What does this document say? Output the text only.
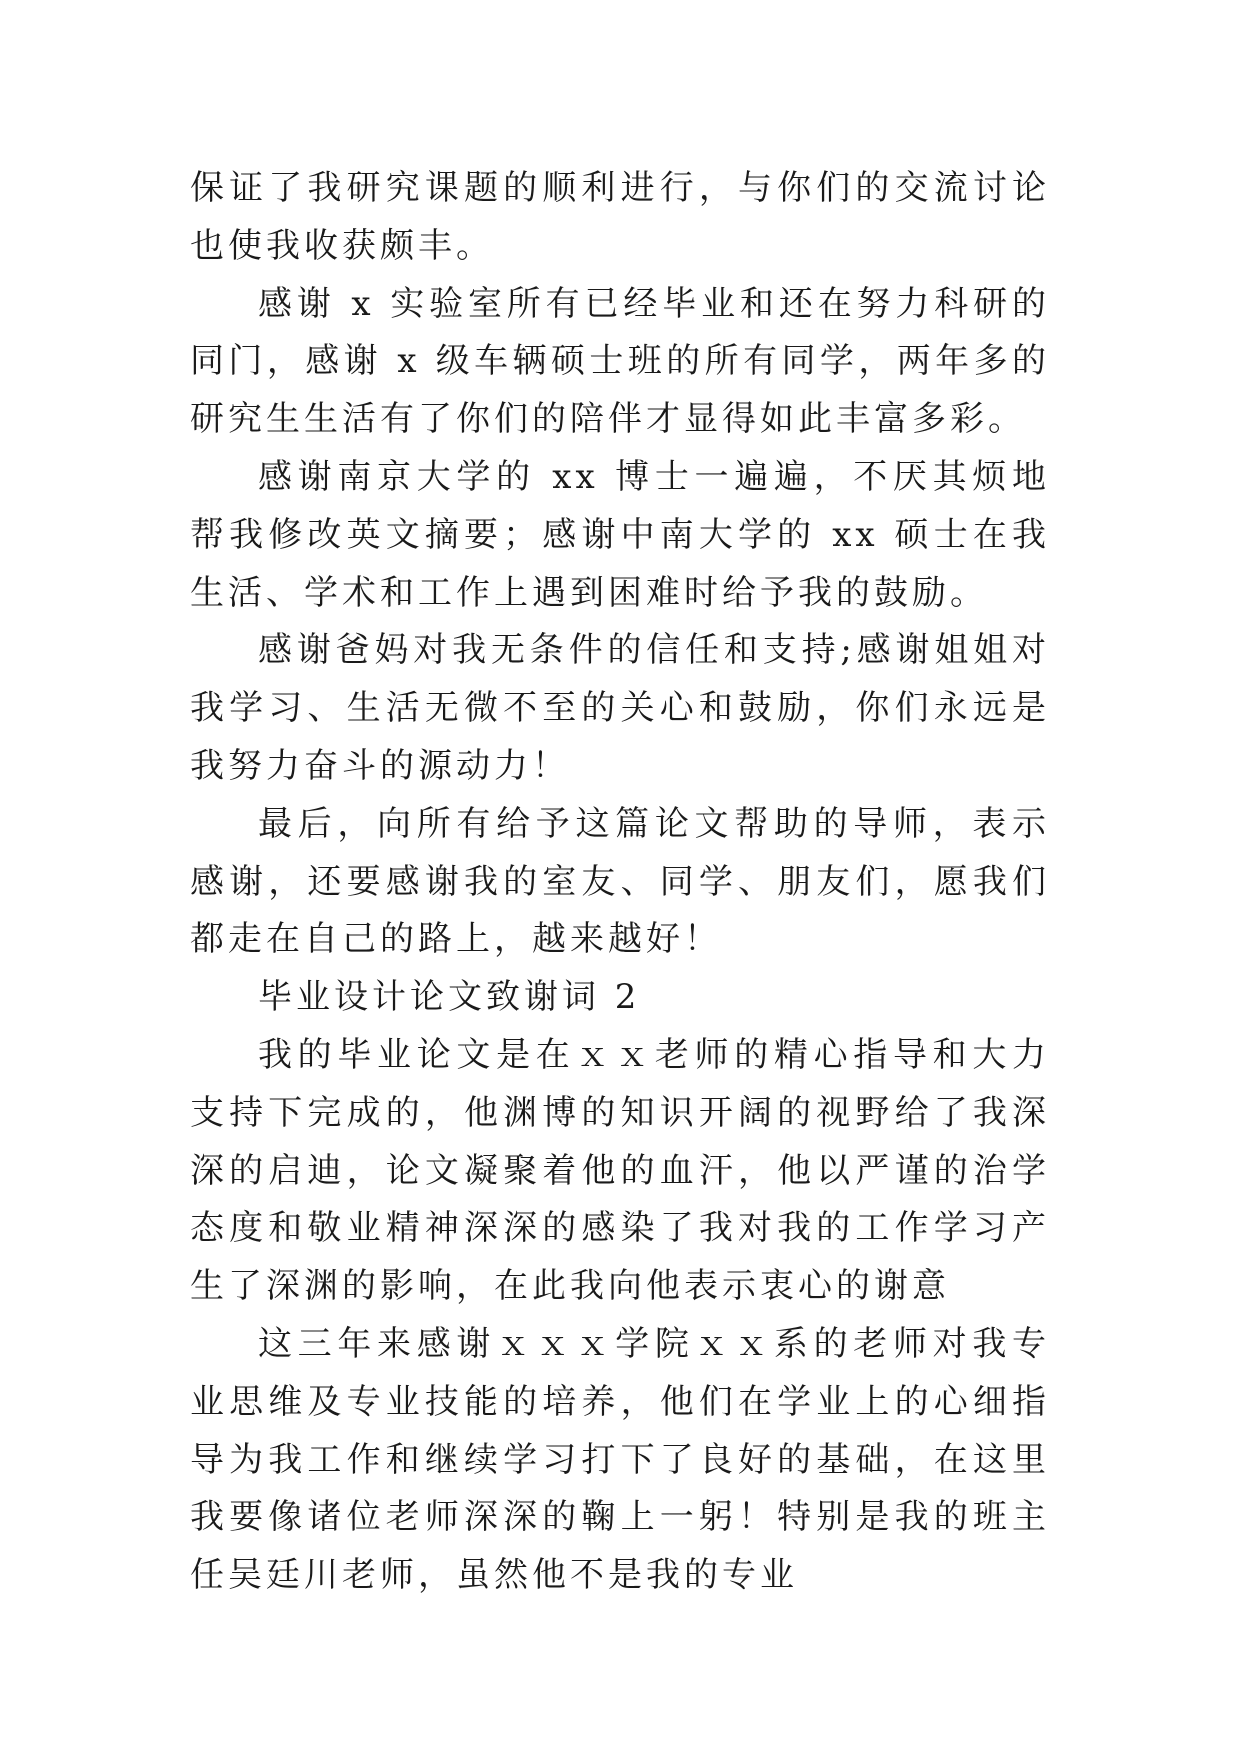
保证了我研究课题的顺利进行，与你们的交流讨论也使我收获颇丰。

感谢 x 实验室所有已经毕业和还在努力科研的同门，感谢 x 级车辆硕士班的所有同学，两年多的研究生生活有了你们的陪伴才显得如此丰富多彩。

感谢南京大学的 xx 博士一遍遍，不厌其烦地帮我修改英文摘要；感谢中南大学的 xx 硕士在我生活、学术和工作上遇到困难时给予我的鼓励。

感谢爸妈对我无条件的信任和支持;感谢姐姐对我学习、生活无微不至的关心和鼓励，你们永远是我努力奋斗的源动力！

最后，向所有给予这篇论文帮助的导师，表示感谢，还要感谢我的室友、同学、朋友们，愿我们都走在自己的路上，越来越好！

毕业设计论文致谢词 2

我的毕业论文是在ｘｘ老师的精心指导和大力支持下完成的，他渊博的知识开阔的视野给了我深深的启迪，论文凝聚着他的血汗，他以严谨的治学态度和敬业精神深深的感染了我对我的工作学习产生了深渊的影响，在此我向他表示衷心的谢意

这三年来感谢ｘｘｘ学院ｘｘ系的老师对我专业思维及专业技能的培养，他们在学业上的心细指导为我工作和继续学习打下了良好的基础，在这里我要像诸位老师深深的鞠上一躬！特别是我的班主任吴廷川老师，虽然他不是我的专业
